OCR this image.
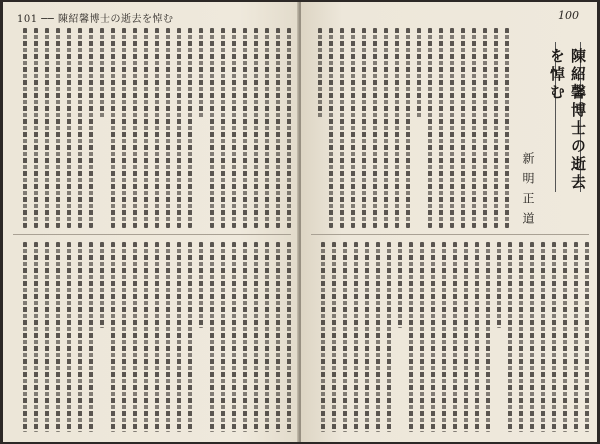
101 ── 陳紹馨博士の逝去を悼む	100
陳紹馨博士の逝去を悼む
新明正道
